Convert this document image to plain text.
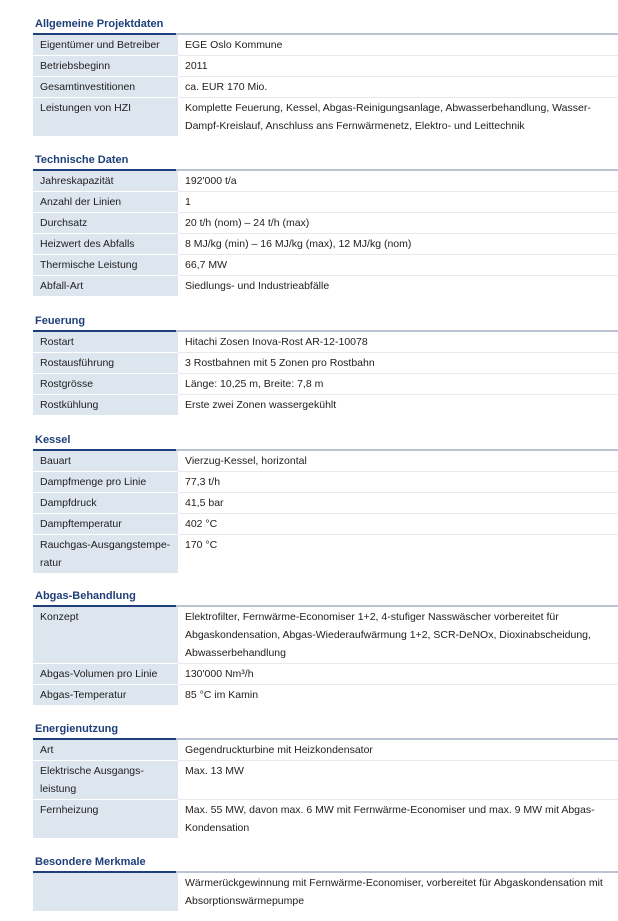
Allgemeine Projektdaten
Eigentümer und Betreiber	EGE Oslo Kommune
Betriebsbeginn	2011
Gesamtinvestitionen	ca. EUR 170 Mio.
Leistungen von HZI	Komplette Feuerung, Kessel, Abgas-Reinigungsanlage, Abwasserbehandlung, Wasser-Dampf-Kreislauf, Anschluss ans Fernwärmenetz, Elektro- und Leittechnik
Technische Daten
Jahreskapazität	192'000 t/a
Anzahl der Linien	1
Durchsatz	20 t/h (nom) – 24 t/h (max)
Heizwert des Abfalls	8 MJ/kg (min) – 16 MJ/kg (max), 12 MJ/kg (nom)
Thermische Leistung	66,7 MW
Abfall-Art	Siedlungs- und Industrieabfälle
Feuerung
Rostart	Hitachi Zosen Inova-Rost AR-12-10078
Rostausführung	3 Rostbahnen mit 5 Zonen pro Rostbahn
Rostgrösse	Länge: 10,25 m, Breite: 7,8 m
Rostkühlung	Erste zwei Zonen wassergekühlt
Kessel
Bauart	Vierzug-Kessel, horizontal
Dampfmenge pro Linie	77,3 t/h
Dampfdruck	41,5 bar
Dampftemperatur	402 °C
Rauchgas-Ausgangstempe-ratur	170 °C
Abgas-Behandlung
Konzept	Elektrofilter, Fernwärme-Economiser 1+2, 4-stufiger Nasswäscher vorbereitet für Abgaskondensation, Abgas-Wiederaufwärmung 1+2, SCR-DeNOx, Dioxinabscheidung, Abwasserbehandlung
Abgas-Volumen pro Linie	130'000 Nm³/h
Abgas-Temperatur	85 °C im Kamin
Energienutzung
Art	Gegendruckturbine mit Heizkondensator
Elektrische Ausgangs-leistung	Max. 13 MW
Fernheizung	Max. 55 MW, davon max. 6 MW mit Fernwärme-Economiser und max. 9 MW mit Abgas-Kondensation
Besondere Merkmale
	Wärmerückgewinnung mit Fernwärme-Economiser, vorbereitet für Abgaskondensation mit Absorptionswärmepumpe
